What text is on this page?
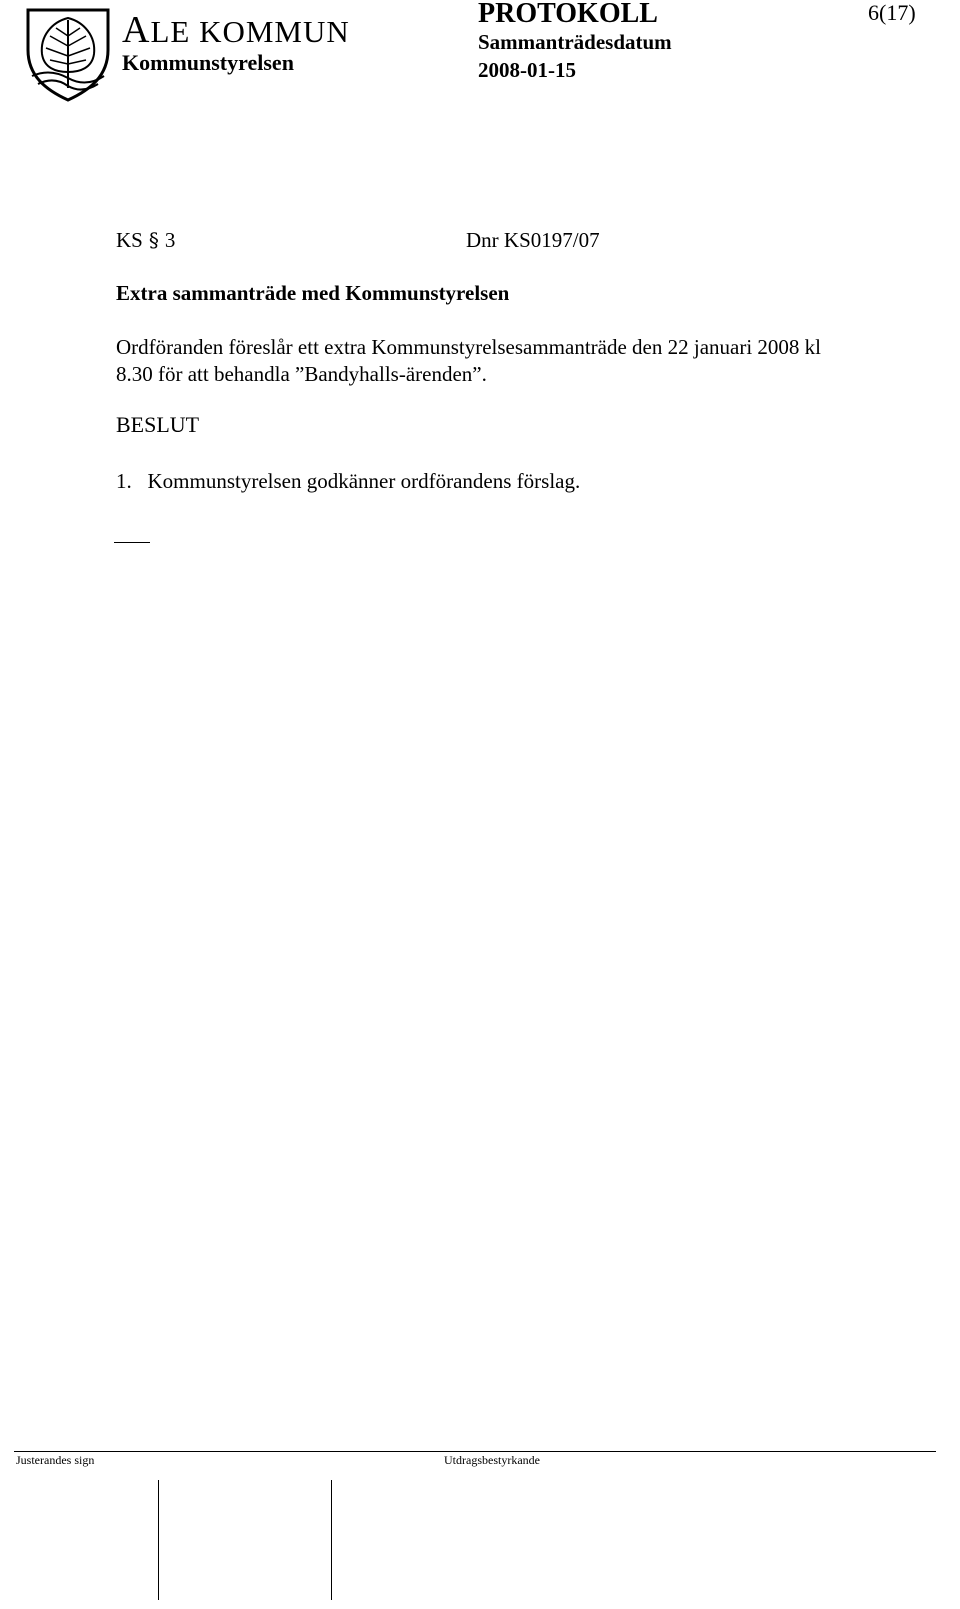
ALE KOMMUN
Kommunstyrelsen
PROTOKOLL	6(17)
Sammanträdesdatum
2008-01-15
KS § 3	Dnr KS0197/07
Extra sammanträde med Kommunstyrelsen
Ordföranden föreslår ett extra Kommunstyrelsesammanträde den 22 januari 2008 kl
8.30 för att behandla ”Bandyhalls-ärenden”.
BESLUT
1. Kommunstyrelsen godkänner ordförandens förslag.
Justerandes sign	Utdragsbestyrkande
